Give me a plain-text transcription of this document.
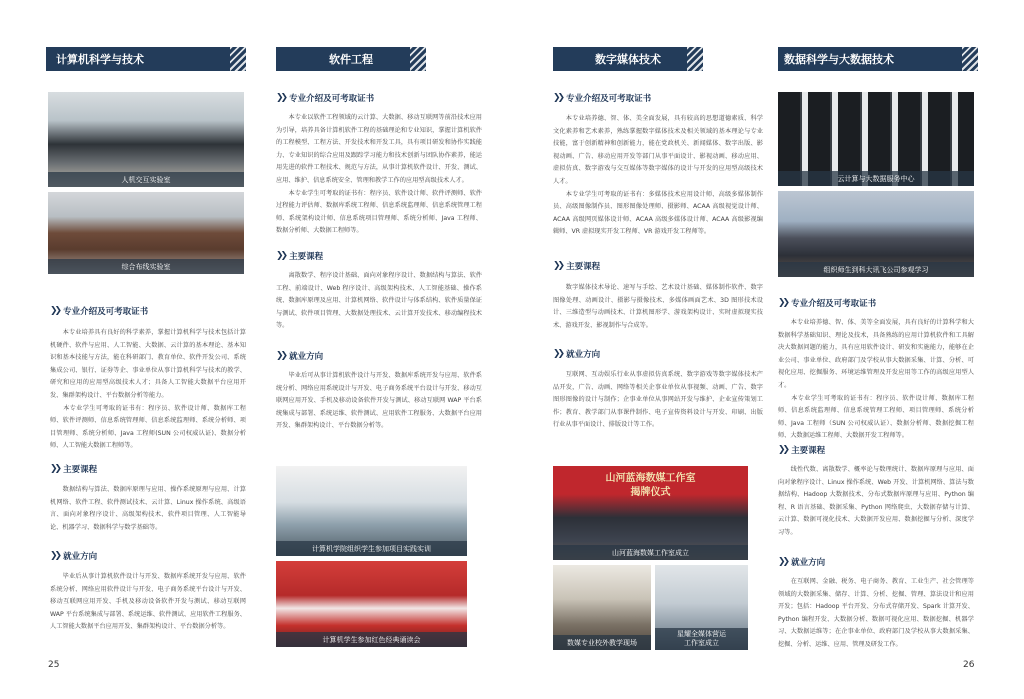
计算机科学与技术
人机交互实验室
综合布线实验室
❯❯ 专业介绍及可考取证书
　　本专业培养具有良好的科学素养，掌握计算机科学与技术包括计算机硬件、软件与应用、人工智能、大数据、云计算的基本理论、基本知识和基本技能与方法，能在科研部门、教育单位、软件开发公司、系统集成公司、银行、证券等企、事业单位从事计算机科学与技术的教学、研究和应用的应用型高级技术人才；具备人工智能大数据平台应用开发、集群架构设计、平台数据分析等能力。
　　本专业学生可考取的证书有：程序员、软件设计师、数据库工程师、软件评测师、信息系统管理师、信息系统监理师、系统分析师、项目管理师、系统分析师、Java 工程师(SUN 公司权威认证)、数据分析师、人工智能大数据工程师等。
❯❯ 主要课程
　　数据结构与算法、数据库原理与应用、操作系统原理与应用、计算机网络、软件工程、软件测试技术、云计算、Linux 操作系统、高级语言、面向对象程序设计、高级架构技术、软件项目管理、人工智能导论、机器学习、数据科学与数学基础等。
❯❯ 就业方向
　　毕业后从事计算机软件设计与开发、数据库系统开发与应用、软件系统分析、网络应用软件设计与开发、电子商务系统平台设计与开发、移动互联网应用开发、手机及移动设备软件开发与测试、移动互联网 WAP 平台系统集成与部署、系统运维、软件测试、应用软件工程服务、人工智能大数据平台应用开发、集群架构设计、平台数据分析等。
25
软件工程
❯❯ 专业介绍及可考取证书
　　本专业以软件工程领域的云计算、大数据、移动互联网等前沿技术应用为引导，培养具备计算机软件工程的基础理论和专业知识，掌握计算机软件的工程模型、工程方法、开发技术和开发工具，具有项目研发和协作实践能力、专业知识的综合应用及跟踪学习能力和技术创新与团队协作素养，能运用先进的软件工程技术、规范与方法，从事计算机软件设计、开发、测试、应用、维护、信息系统安全、管理和教学工作的应用型高级技术人才。
　　本专业学生可考取的证书有：程序员、软件设计师、软件评测师、软件过程能力评估师、数据库系统工程师、信息系统监理师、信息系统管理工程师、系统架构设计师、信息系统项目管理师、系统分析师、Java 工程师、数据分析师、大数据工程师等。
❯❯ 主要课程
　　离散数学、程序设计基础、面向对象程序设计、数据结构与算法、软件工程、前端设计、Web 程序设计、高级架构技术、人工智能基础、操作系统、数据库原理及应用、计算机网络、软件设计与体系结构、软件质量保证与测试、软件项目管理、大数据处理技术、云计算开发技术、移动编程技术等。
❯❯ 就业方向
　　毕业后可从事计算机软件设计与开发、数据库系统开发与应用、软件系统分析、网络应用系统设计与开发、电子商务系统平台设计与开发、移动互联网应用开发、手机及移动设备软件开发与测试、移动互联网 WAP 平台系统集成与部署、系统运维、软件测试、应用软件工程服务、大数据平台应用开发、集群架构设计、平台数据分析等。
计算机学院组织学生参加项目实践实训
计算机学生参加红色经典诵读会
数字媒体技术
❯❯ 专业介绍及可考取证书
　　本专业培养德、智、体、美全面发展，具有较高的思想道德素质、科学文化素养和艺术素养，熟练掌握数字媒体技术及相关领域的基本理论与专业技能，富于创新精神和创新能力，能在党政机关、新闻媒体、数字出版、影视动画、广告、移动应用开发等部门从事平面设计、影视动画、移动应用、虚拟仿真、数字游戏与交互媒体等数字媒体的设计与开发的应用型高级技术人才。
　　本专业学生可考取的证书有：多媒体技术应用设计师、高级多媒体制作员、高级图像制作员、图形图像处理师、摄影师、ACAA 高级视觉设计师、ACAA 高级网页媒体设计师、ACAA 高级多媒体设计师、ACAA 高级影视编辑师、VR 虚拟现实开发工程师、VR 游戏开发工程师等。
❯❯ 主要课程
　　数字媒体技术导论、速写与手绘、艺术设计基础、媒体制作软件、数字图像处理、动画设计、摄影与摄像技术、多媒体画面艺术、3D 图形技术设计、三维造型与动画技术、计算机图形学、游戏架构设计、实时虚拟现实技术、游戏开发、影视制作与合成等。
❯❯ 就业方向
　　互联网、互动娱乐行业从事虚拟仿真系统、数字游戏等数字媒体技术产品开发，广告、动画、网络等相关企事业单位从事视频、动画、广告、数字图形图像的设计与制作；企事业单位从事网站开发与维护、企业宣传策划工作；教育、教学部门从事课件制作、电子宣传资料设计与开发、印刷、出版行业从事平面设计、排版设计等工作。
山河蓝海数媒工作室
揭牌仪式
山河蓝海数媒工作室成立
数媒专业校外教学现场
星耀全媒体营运
工作室成立
数据科学与大数据技术
云计算与大数据服务中心
组织师生到科大讯飞公司参观学习
❯❯ 专业介绍及可考取证书
　　本专业培养德、智、体、美等全面发展，具有良好的计算科学和大数据科学基础知识、理论及技术，具备熟练的应用计算机软件和工具解决大数据问题的能力，具有应用软件设计、研发和实施能力，能够在企业公司、事业单位、政府部门及学校从事大数据采集、计算、分析、可视化应用、挖掘服务、环境运维管理及开发应用等工作的高级应用型人才。
　　本专业学生可考取的证书有：程序员、软件设计师、数据库工程师、信息系统监理师、信息系统管理工程师、项目管理师、系统分析师、Java 工程师（SUN 公司权威认证）、数据分析师、数据挖掘工程师、大数据运维工程师、大数据开发工程师等。
❯❯ 主要课程
　　线性代数、离散数学、概率论与数理统计、数据库原理与应用、面向对象程序设计、Linux 操作系统、Web 开发、计算机网络、算法与数据结构、Hadoop 大数据技术、分布式数据库原理与应用、Python 编程、R 语言基础、数据采集、Python 网络爬虫、大数据存储与计算、云计算、数据可视化技术、大数据开发应用、数据挖掘与分析、深度学习等。
❯❯ 就业方向
　　在互联网、金融、税务、电子商务、教育、工业生产、社会管理等领域的大数据采集、储存、计算、分析、挖掘、管理、算法设计和应用开发；包括：Hadoop 平台开发、分布式存储开发、Spark 计算开发、Python 编程开发、大数据分析、数据可视化应用、数据挖掘、机器学习、大数据运维等；在企事业单位、政府部门及学校从事大数据采集、挖掘、分析、运维、应用、管理及研发工作。
26
